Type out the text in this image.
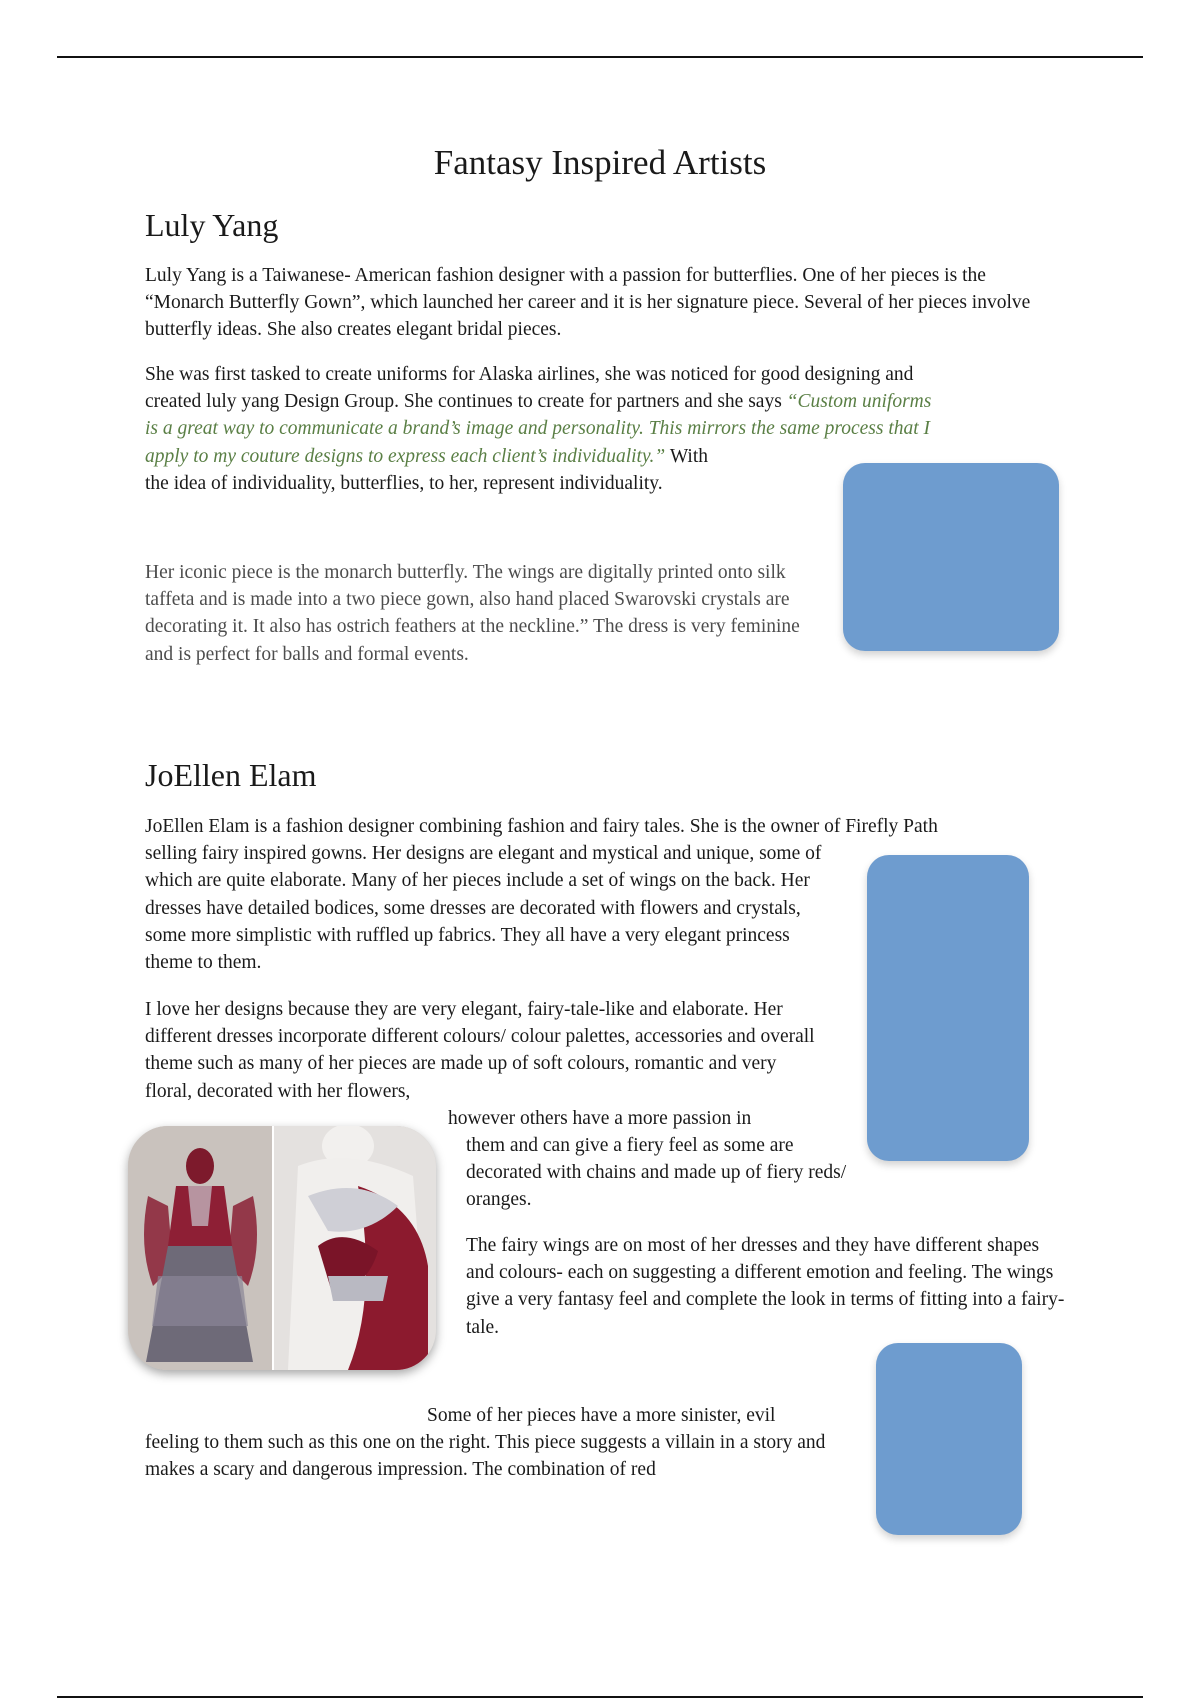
Fantasy Inspired Artists
Luly Yang

Luly Yang is a Taiwanese- American fashion designer with a passion for butterflies. One of her pieces is the “Monarch Butterfly Gown”, which launched her career and it is her signature piece. Several of her pieces involve butterfly ideas. She also creates elegant bridal pieces.

She was first tasked to create uniforms for Alaska airlines, she was noticed for good designing and
created luly yang Design Group. She continues to create for partners and she says “Custom uniforms
is a great way to communicate a brand’s image and personality. This mirrors the same process that I
apply to my couture designs to express each client’s individuality.” With
the idea of individuality, butterflies, to her, represent individuality.

Her iconic piece is the monarch butterfly. The wings are digitally printed onto silk taffeta and is made into a two piece gown, also hand placed Swarovski crystals are decorating it. It also has ostrich feathers at the neckline.” The dress is very feminine and is perfect for balls and formal events.

JoEllen Elam
JoEllen Elam is a fashion designer combining fashion and fairy tales. She is the owner of Firefly Path

selling fairy inspired gowns. Her designs are elegant and mystical and unique, some of which are quite elaborate. Many of her pieces include a set of wings on the back. Her dresses have detailed bodices, some dresses are decorated with flowers and crystals, some more simplistic with ruffled up fabrics. They all have a very elegant princess theme to them.

I love her designs because they are very elegant, fairy-tale-like and elaborate. Her different dresses incorporate different colours/ colour palettes, accessories and overall theme such as many of her pieces are made up of soft colours, romantic and very floral, decorated with her flowers,

however others have a more passion in

them and can give a fiery feel as some are decorated with chains and made up of fiery reds/ oranges.

The fairy wings are on most of her dresses and they have different shapes and colours- each on suggesting a different emotion and feeling. The wings give a very fantasy feel and complete the look in terms of fitting into a fairy-tale.

Some of her pieces have a more sinister, evil

feeling to them such as this one on the right. This piece suggests a villain in a story and makes a scary and dangerous impression. The combination of red
